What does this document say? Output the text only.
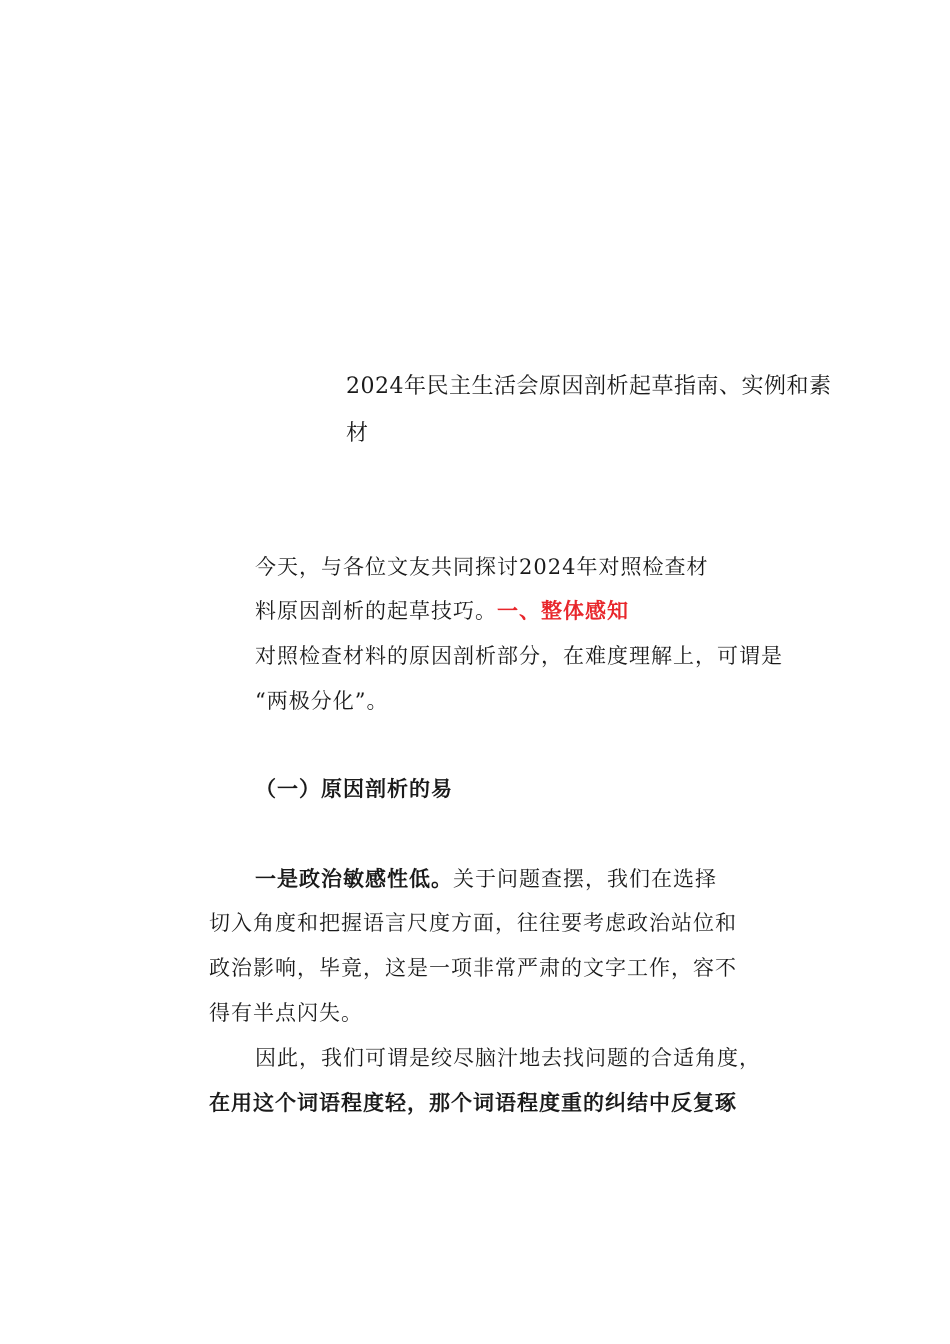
2024年民主生活会原因剖析起草指南、实例和素
材
今天，与各位文友共同探讨2024年对照检查材
料原因剖析的起草技巧。一、整体感知
对照检查材料的原因剖析部分，在难度理解上，可谓是
“两极分化”。
（一）原因剖析的易
一是政治敏感性低。关于问题查摆，我们在选择
切入角度和把握语言尺度方面，往往要考虑政治站位和
政治影响，毕竟，这是一项非常严肃的文字工作，容不
得有半点闪失。
因此，我们可谓是绞尽脑汁地去找问题的合适角度，
在用这个词语程度轻，那个词语程度重的纠结中反复琢
